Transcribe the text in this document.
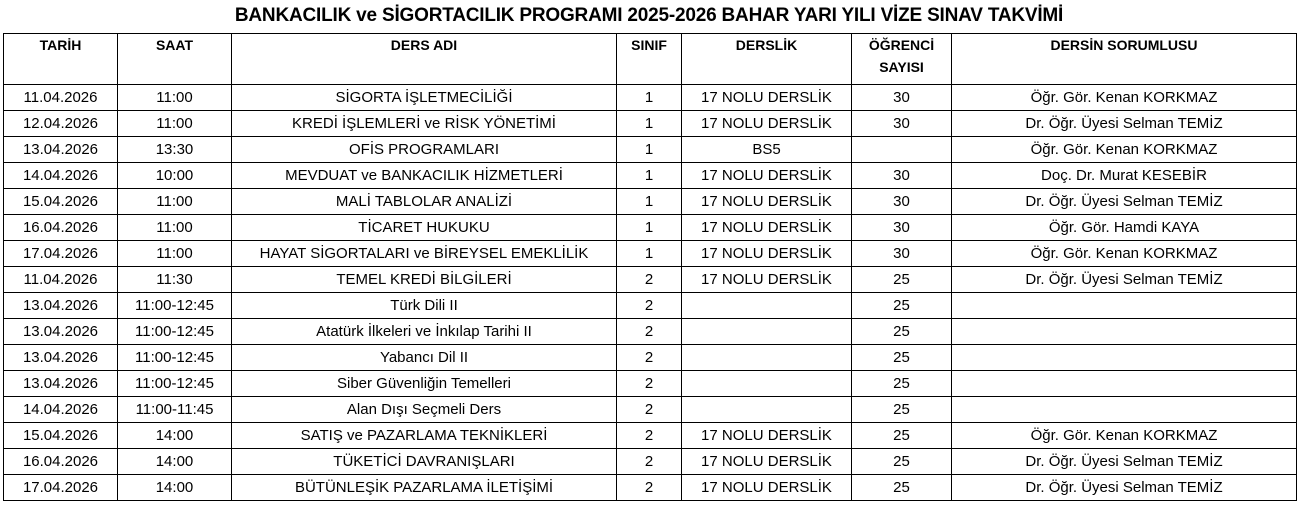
BANKACILIK ve SİGORTACILIK PROGRAMI 2025-2026 BAHAR YARI YILI VİZE SINAV TAKVİMİ
TARİH	SAAT	DERS ADI	SINIF	DERSLİK	ÖĞRENCİ
SAYISI	DERSİN SORUMLUSU
11.04.2026	11:00	SİGORTA İŞLETMECİLİĞİ	1	17 NOLU DERSLİK	30	Öğr. Gör. Kenan KORKMAZ
12.04.2026	11:00	KREDİ İŞLEMLERİ ve RİSK YÖNETİMİ	1	17 NOLU DERSLİK	30	Dr. Öğr. Üyesi Selman TEMİZ
13.04.2026	13:30	OFİS PROGRAMLARI	1	BS5		Öğr. Gör. Kenan KORKMAZ
14.04.2026	10:00	MEVDUAT ve BANKACILIK HİZMETLERİ	1	17 NOLU DERSLİK	30	Doç. Dr. Murat KESEBİR
15.04.2026	11:00	MALİ TABLOLAR ANALİZİ	1	17 NOLU DERSLİK	30	Dr. Öğr. Üyesi Selman TEMİZ
16.04.2026	11:00	TİCARET HUKUKU	1	17 NOLU DERSLİK	30	Öğr. Gör. Hamdi KAYA
17.04.2026	11:00	HAYAT SİGORTALARI ve BİREYSEL EMEKLİLİK	1	17 NOLU DERSLİK	30	Öğr. Gör. Kenan KORKMAZ
11.04.2026	11:30	TEMEL KREDİ BİLGİLERİ	2	17 NOLU DERSLİK	25	Dr. Öğr. Üyesi Selman TEMİZ
13.04.2026	11:00-12:45	Türk Dili II	2		25	
13.04.2026	11:00-12:45	Atatürk İlkeleri ve İnkılap Tarihi II	2		25	
13.04.2026	11:00-12:45	Yabancı Dil II	2		25	
13.04.2026	11:00-12:45	Siber Güvenliğin Temelleri	2		25	
14.04.2026	11:00-11:45	Alan Dışı Seçmeli Ders	2		25	
15.04.2026	14:00	SATIŞ ve PAZARLAMA TEKNİKLERİ	2	17 NOLU DERSLİK	25	Öğr. Gör. Kenan KORKMAZ
16.04.2026	14:00	TÜKETİCİ DAVRANIŞLARI	2	17 NOLU DERSLİK	25	Dr. Öğr. Üyesi Selman TEMİZ
17.04.2026	14:00	BÜTÜNLEŞİK PAZARLAMA İLETİŞİMİ	2	17 NOLU DERSLİK	25	Dr. Öğr. Üyesi Selman TEMİZ
